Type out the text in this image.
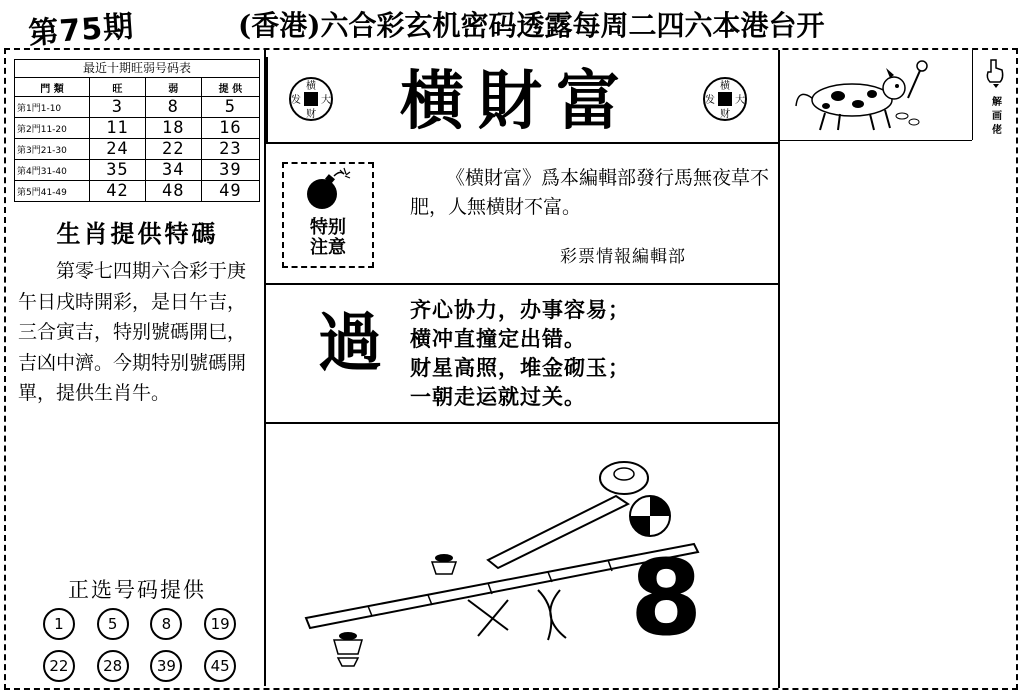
第75期	(香港)六合彩玄机密码透露每周二四六本港台开
最近十期旺弱号码表
門 類	旺	弱	提 供
第1門1-10	3	8	5
第2門11-20	11	18	16
第3門21-30	24	22	23
第4門31-40	35	34	39
第5門41-49	42	48	49
生肖提供特碼
第零七四期六合彩于庚午日戌時開彩，是日午吉，三合寅吉，特别號碼開巳，吉凶中濟。今期特别號碼開單，提供生肖牛。
正选号码提供
1	5	8	19
22	28	39	45
横
大
财
发	横財富	横
大
财
发	解画佬
特别
注意
《横財富》爲本編輯部發行馬無夜草不肥，人無横財不富。
彩票情報編輯部
過 齐心协力，办事容易；
横冲直撞定出错。
财星高照，堆金砌玉；
一朝走运就过关。
8
